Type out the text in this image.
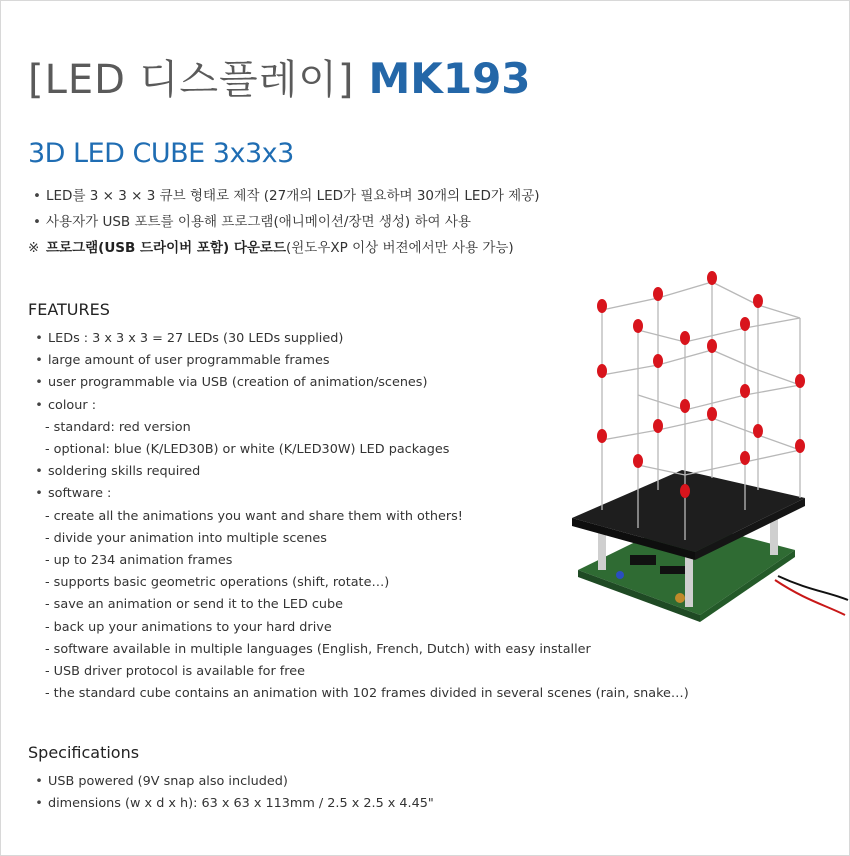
[LED 디스플레이] MK193
3D LED CUBE 3x3x3
• LED를 3 × 3 × 3 큐브 형태로 제작 (27개의 LED가 필요하며 30개의 LED가 제공)
• 사용자가 USB 포트를 이용해 프로그램(애니메이션/장면 생성) 하여 사용
※ 프로그램(USB 드라이버 포함) 다운로드(윈도우XP 이상 버젼에서만 사용 가능)
FEATURES
• LEDs : 3 x 3 x 3 = 27 LEDs (30 LEDs supplied)
• large amount of user programmable frames
• user programmable via USB (creation of animation/scenes)
• colour :
- standard: red version
- optional: blue (K/LED30B) or white (K/LED30W) LED packages
• soldering skills required
• software :
- create all the animations you want and share them with others!
- divide your animation into multiple scenes
- up to 234 animation frames
- supports basic geometric operations (shift, rotate…)
- save an animation or send it to the LED cube
- back up your animations to your hard drive
- software available in multiple languages (English, French, Dutch) with easy installer
- USB driver protocol is available for free
- the standard cube contains an animation with 102 frames divided in several scenes (rain, snake…)
Specifications
• USB powered (9V snap also included)
• dimensions (w x d x h): 63 x 63 x 113mm / 2.5 x 2.5 x 4.45"
